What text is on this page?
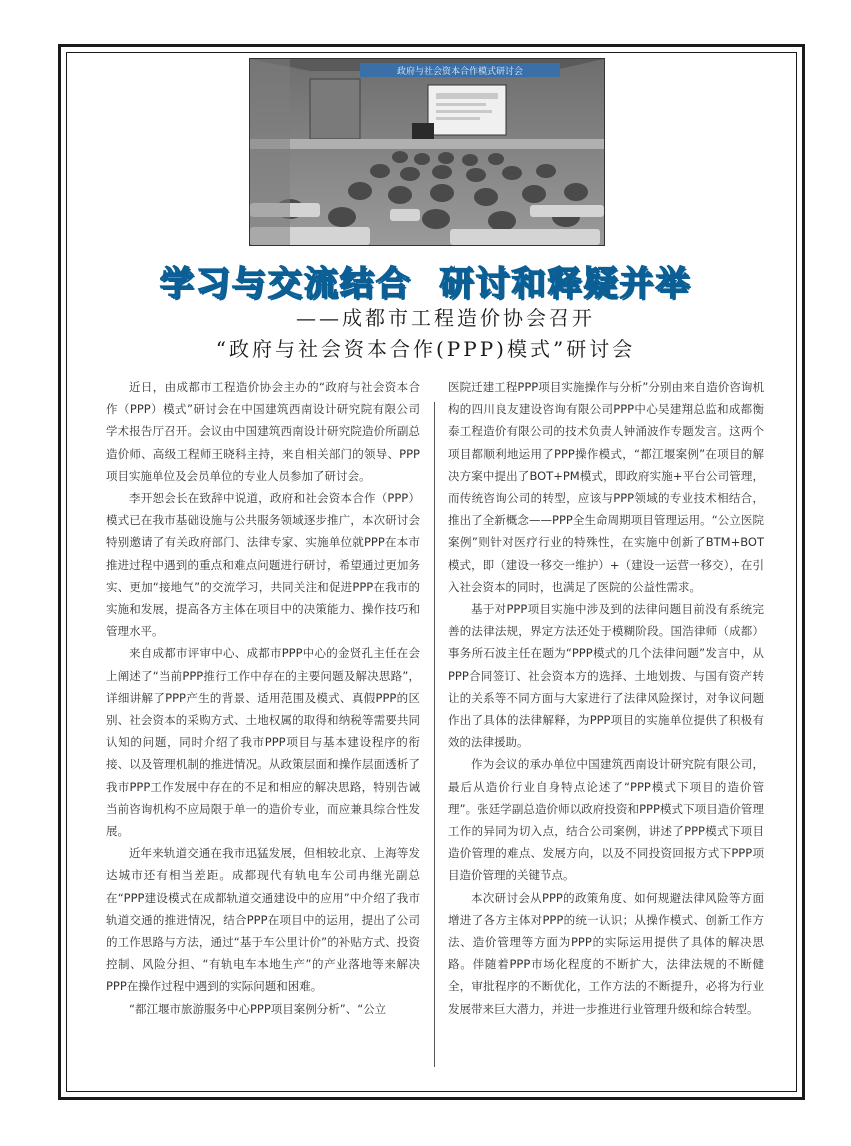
政府与社会资本合作模式研讨会
学习与交流结合 研讨和释疑并举
——成都市工程造价协会召开
“政府与社会资本合作(PPP)模式”研讨会

近日，由成都市工程造价协会主办的“政府与社会资本合作（PPP）模式”研讨会在中国建筑西南设计研究院有限公司学术报告厅召开。会议由中国建筑西南设计研究院造价所副总造价师、高级工程师王晓科主持，来自相关部门的领导、PPP项目实施单位及会员单位的专业人员参加了研讨会。

李开恕会长在致辞中说道，政府和社会资本合作（PPP）模式已在我市基础设施与公共服务领域逐步推广，本次研讨会特别邀请了有关政府部门、法律专家、实施单位就PPP在本市推进过程中遇到的重点和难点问题进行研讨，希望通过更加务实、更加“接地气”的交流学习，共同关注和促进PPP在我市的实施和发展，提高各方主体在项目中的决策能力、操作技巧和管理水平。

来自成都市评审中心、成都市PPP中心的金贤孔主任在会上阐述了“当前PPP推行工作中存在的主要问题及解决思路”，详细讲解了PPP产生的背景、适用范围及模式、真假PPP的区别、社会资本的采购方式、土地权属的取得和纳税等需要共同认知的问题，同时介绍了我市PPP项目与基本建设程序的衔接、以及管理机制的推进情况。从政策层面和操作层面透析了我市PPP工作发展中存在的不足和相应的解决思路，特别告诫当前咨询机构不应局限于单一的造价专业，而应兼具综合性发展。

近年来轨道交通在我市迅猛发展，但相较北京、上海等发达城市还有相当差距。成都现代有轨电车公司冉继光副总在“PPP建设模式在成都轨道交通建设中的应用”中介绍了我市轨道交通的推进情况，结合PPP在项目中的运用，提出了公司的工作思路与方法，通过“基于车公里计价”的补贴方式、投资控制、风险分担、“有轨电车本地生产”的产业落地等来解决PPP在操作过程中遇到的实际问题和困难。

“都江堰市旅游服务中心PPP项目案例分析”、“公立

医院迁建工程PPP项目实施操作与分析”分别由来自造价咨询机构的四川良友建设咨询有限公司PPP中心吴建翔总监和成都衡泰工程造价有限公司的技术负责人钟涌波作专题发言。这两个项目都顺利地运用了PPP操作模式，“都江堰案例”在项目的解决方案中提出了BOT+PM模式，即政府实施+平台公司管理，而传统咨询公司的转型，应该与PPP领域的专业技术相结合，推出了全新概念——PPP全生命周期项目管理运用。“公立医院案例”则针对医疗行业的特殊性，在实施中创新了BTM+BOT模式，即（建设一移交一维护）+（建设一运营一移交），在引入社会资本的同时，也满足了医院的公益性需求。

基于对PPP项目实施中涉及到的法律问题目前没有系统完善的法律法规，界定方法还处于模糊阶段。国浩律师（成都）事务所石波主任在题为“PPP模式的几个法律问题”发言中，从PPP合同签订、社会资本方的选择、土地划拨、与国有资产转让的关系等不同方面与大家进行了法律风险探讨，对争议问题作出了具体的法律解释，为PPP项目的实施单位提供了积极有效的法律援助。

作为会议的承办单位中国建筑西南设计研究院有限公司，最后从造价行业自身特点论述了“PPP模式下项目的造价管理”。张廷学副总造价师以政府投资和PPP模式下项目造价管理工作的异同为切入点，结合公司案例，讲述了PPP模式下项目造价管理的难点、发展方向，以及不同投资回报方式下PPP项目造价管理的关键节点。

本次研讨会从PPP的政策角度、如何规避法律风险等方面增进了各方主体对PPP的统一认识；从操作模式、创新工作方法、造价管理等方面为PPP的实际运用提供了具体的解决思路。伴随着PPP市场化程度的不断扩大，法律法规的不断健全，审批程序的不断优化，工作方法的不断提升，必将为行业发展带来巨大潜力，并进一步推进行业管理升级和综合转型。
